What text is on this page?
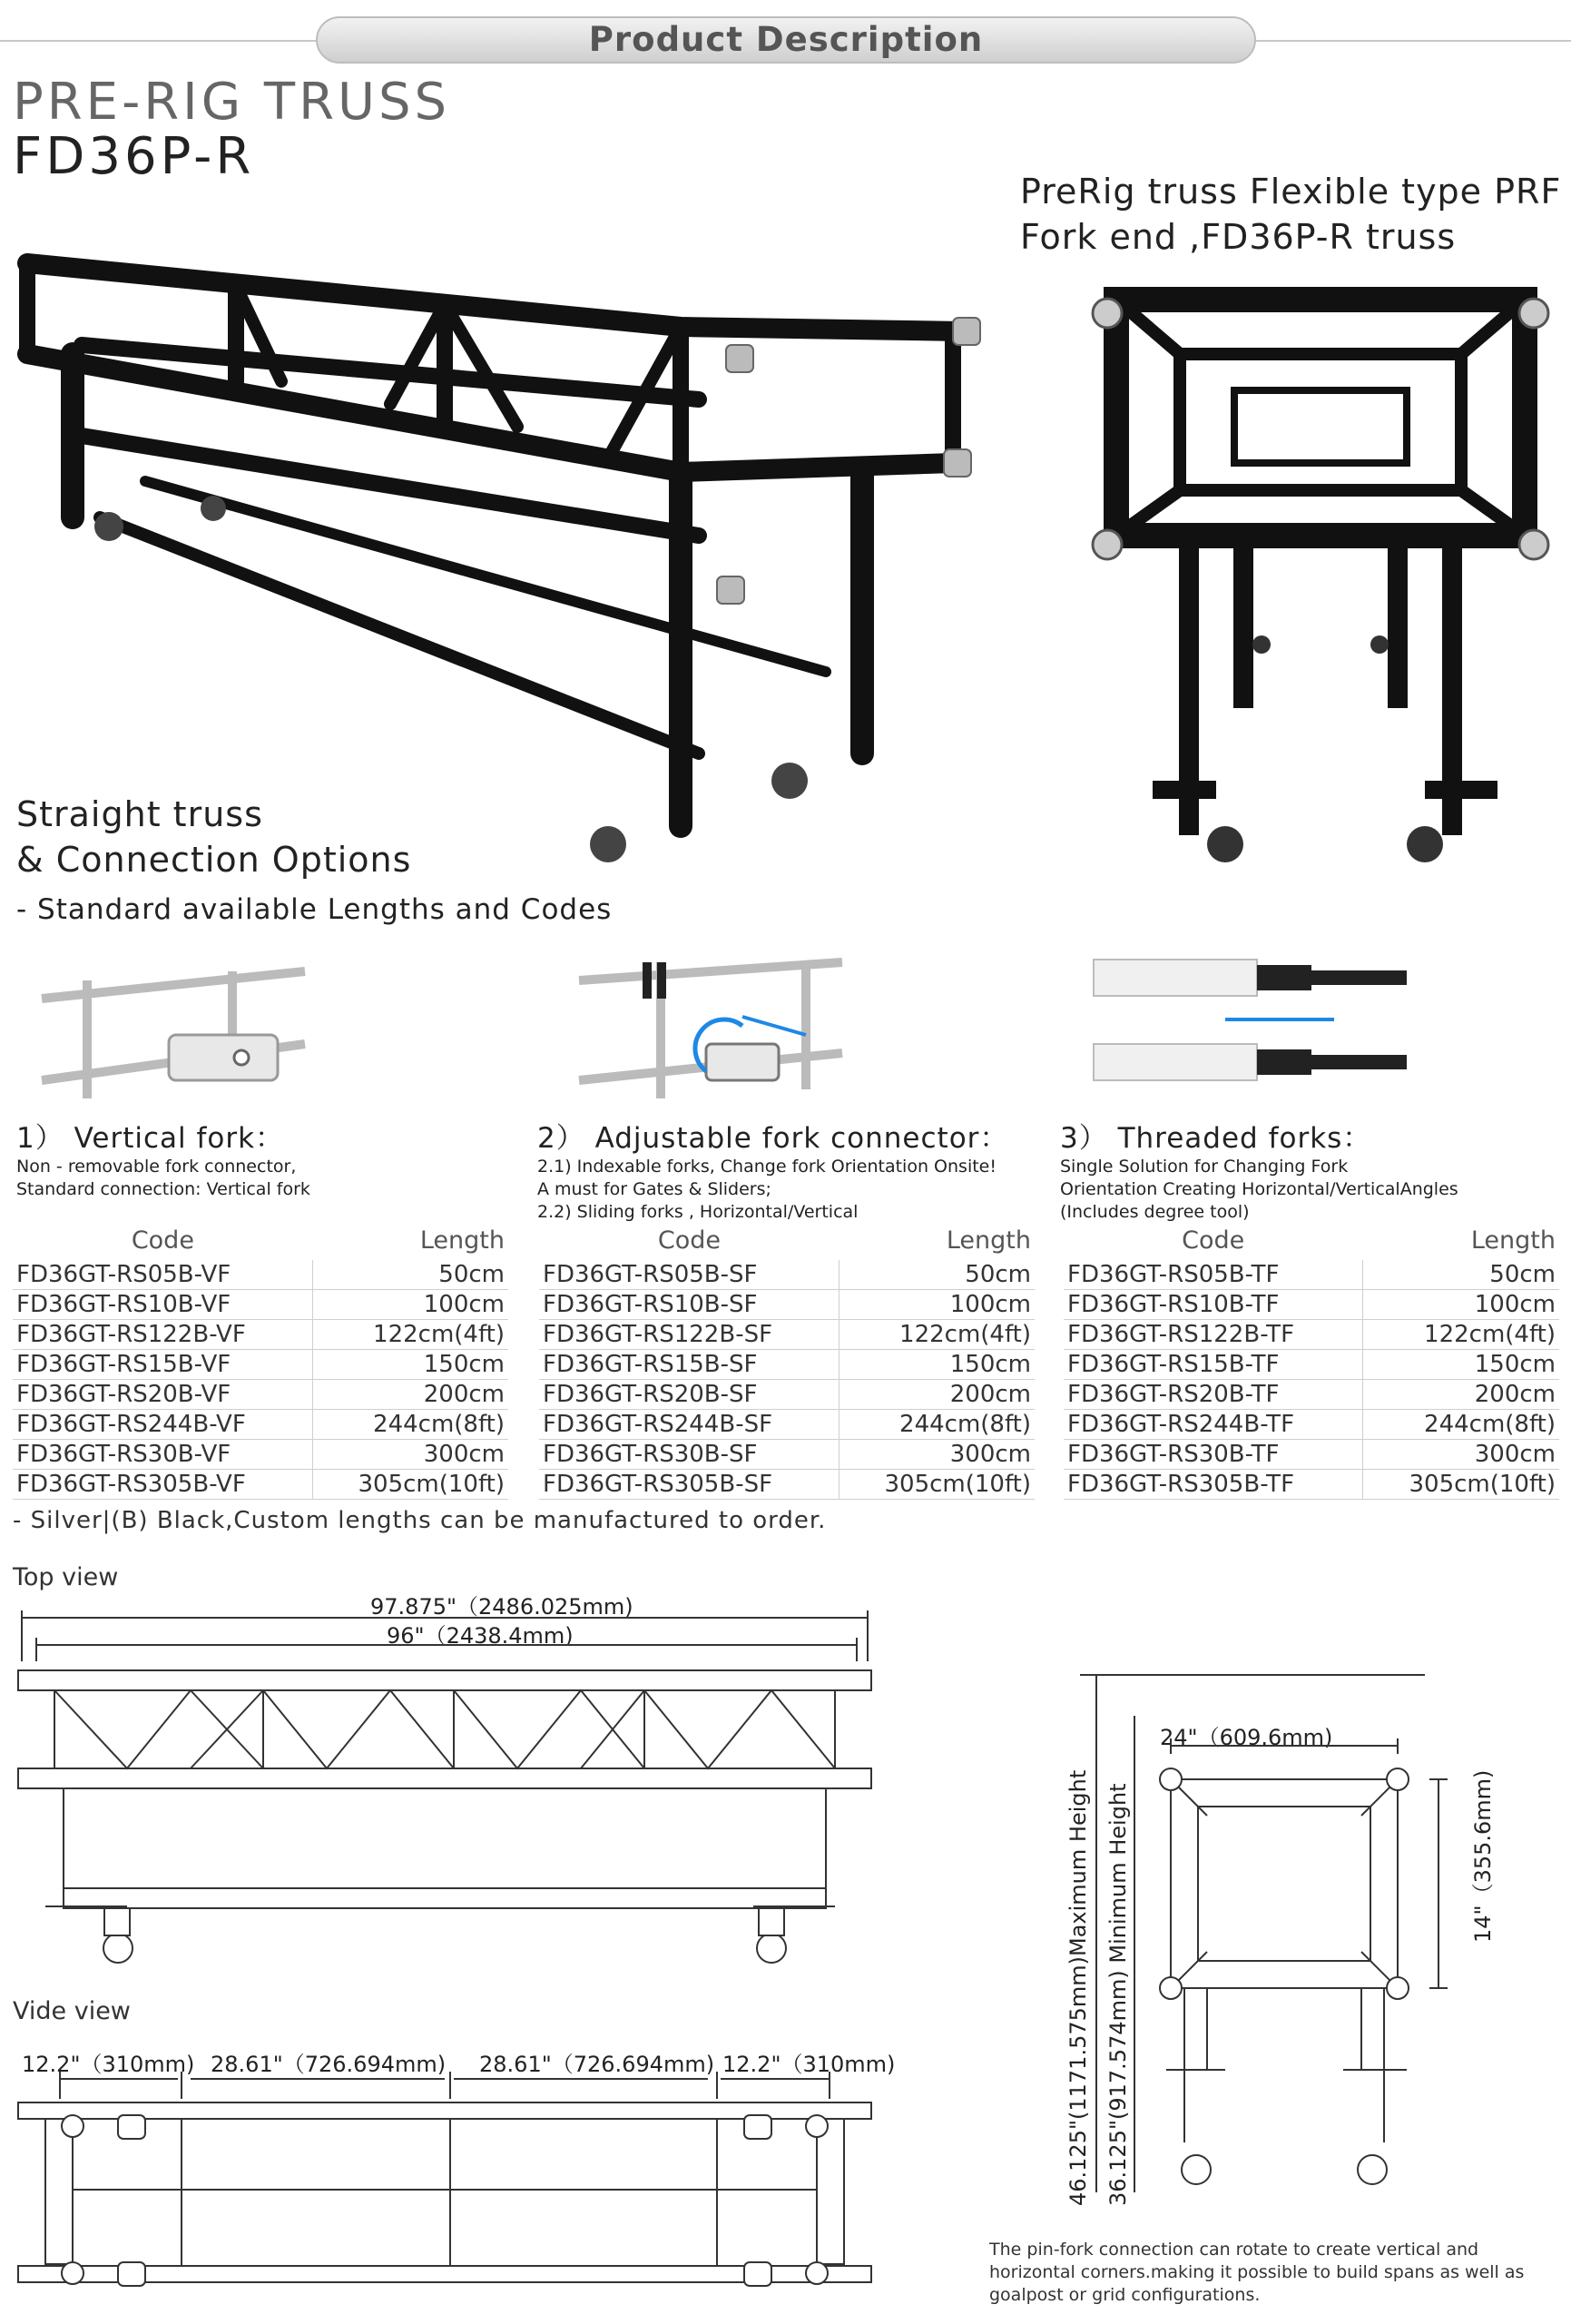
Product Description
PRE-RIG TRUSS
FD36P-R
PreRig truss Flexible type PRF
Fork end ,FD36P-R truss
Straight truss
& Connection Options
- Standard available Lengths and Codes
1） Vertical fork：
Non - removable fork connector,
Standard connection: Vertical fork
2） Adjustable fork connector：
2.1) Indexable forks, Change fork Orientation Onsite!
A must for Gates & Sliders;
2.2) Sliding forks , Horizontal/Vertical
3） Threaded forks：
Single Solution for Changing Fork
Orientation Creating Horizontal/VerticalAngles
(Includes degree tool)
Code	Length
FD36GT-RS05B-VF	50cm
FD36GT-RS10B-VF	100cm
FD36GT-RS122B-VF	122cm(4ft)
FD36GT-RS15B-VF	150cm
FD36GT-RS20B-VF	200cm
FD36GT-RS244B-VF	244cm(8ft)
FD36GT-RS30B-VF	300cm
FD36GT-RS305B-VF	305cm(10ft)
Code	Length
FD36GT-RS05B-SF	50cm
FD36GT-RS10B-SF	100cm
FD36GT-RS122B-SF	122cm(4ft)
FD36GT-RS15B-SF	150cm
FD36GT-RS20B-SF	200cm
FD36GT-RS244B-SF	244cm(8ft)
FD36GT-RS30B-SF	300cm
FD36GT-RS305B-SF	305cm(10ft)
Code	Length
FD36GT-RS05B-TF	50cm
FD36GT-RS10B-TF	100cm
FD36GT-RS122B-TF	122cm(4ft)
FD36GT-RS15B-TF	150cm
FD36GT-RS20B-TF	200cm
FD36GT-RS244B-TF	244cm(8ft)
FD36GT-RS30B-TF	300cm
FD36GT-RS305B-TF	305cm(10ft)
- Silver|(B) Black,Custom lengths can be manufactured to order.
Top view
97.875"（2486.025mm)
96"（2438.4mm)
Vide view
12.2"（310mm) 28.61"（726.694mm) 28.61"（726.694mm) 12.2"（310mm)
24"（609.6mm)
14"（355.6mm)
46.125"(1171.575mm)Maximum Height 36.125"(917.574mm) Minimum Height
The pin-fork connection can rotate to create vertical and horizontal corners.making it possible to build spans as well as goalpost or grid configurations.
